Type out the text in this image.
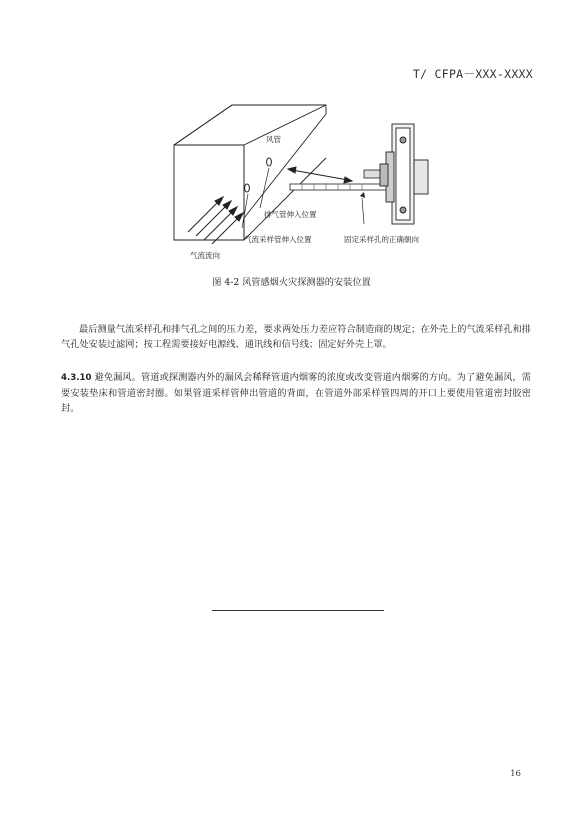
T/ CFPA－XXX-XXXX
风管
排气管伸入位置
气流采样管伸入位置
气流流向
固定采样孔的正确朝向
图 4-2 风管感烟火灾探测器的安装位置

最后测量气流采样孔和排气孔之间的压力差，要求两处压力差应符合制造商的规定；在外壳上的气流采样孔和排气孔处安装过滤网；按工程需要接好电源线、通讯线和信号线；固定好外壳上罩。

4.3.10 避免漏风。管道或探测器内外的漏风会稀释管道内烟雾的浓度或改变管道内烟雾的方向。为了避免漏风，需要安装垫床和管道密封圈。如果管道采样管伸出管道的背面，在管道外部采样管四周的开口上要使用管道密封胶密封。

16
